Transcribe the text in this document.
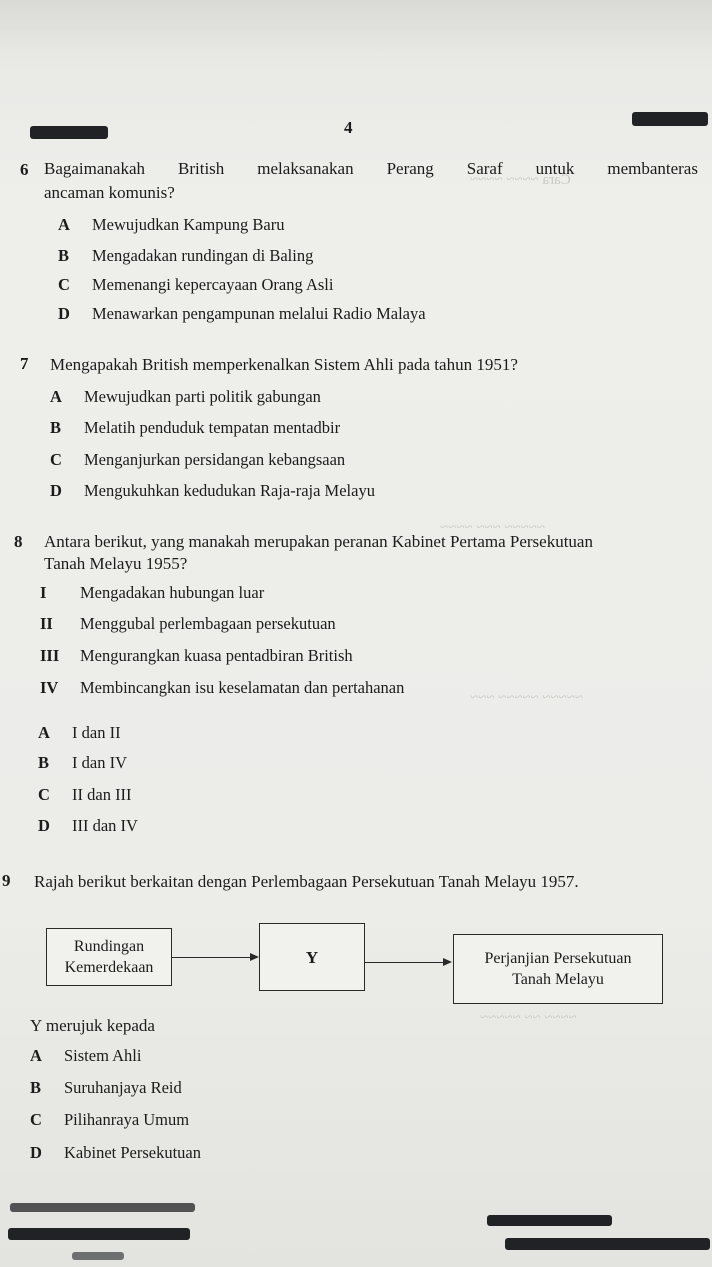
Cara ~~~~ ~~~~
~~~~~ ~~~ ~~~~
~~~~~ ~~~~~ ~~~
~~~~ ~~ ~~~~~
4
6 Bagaimanakah British melaksanakan Perang Saraf untuk membanteras
ancaman komunis?
A Mewujudkan Kampung Baru
B Mengadakan rundingan di Baling
C Memenangi kepercayaan Orang Asli
D Menawarkan pengampunan melalui Radio Malaya
7 Mengapakah British memperkenalkan Sistem Ahli pada tahun 1951?
A Mewujudkan parti politik gabungan
B Melatih penduduk tempatan mentadbir
C Menganjurkan persidangan kebangsaan
D Mengukuhkan kedudukan Raja-raja Melayu
8 Antara berikut, yang manakah merupakan peranan Kabinet Pertama Persekutuan
Tanah Melayu 1955?
I Mengadakan hubungan luar
II Menggubal perlembagaan persekutuan
III Mengurangkan kuasa pentadbiran British
IV Membincangkan isu keselamatan dan pertahanan
A I dan II
B I dan IV
C II dan III
D III dan IV
9 Rajah berikut berkaitan dengan Perlembagaan Persekutuan Tanah Melayu 1957.
Rundingan
Kemerdekaan
Y	Perjanjian Persekutuan
Tanah Melayu
Y merujuk kepada
A Sistem Ahli
B Suruhanjaya Reid
C Pilihanraya Umum
D Kabinet Persekutuan
